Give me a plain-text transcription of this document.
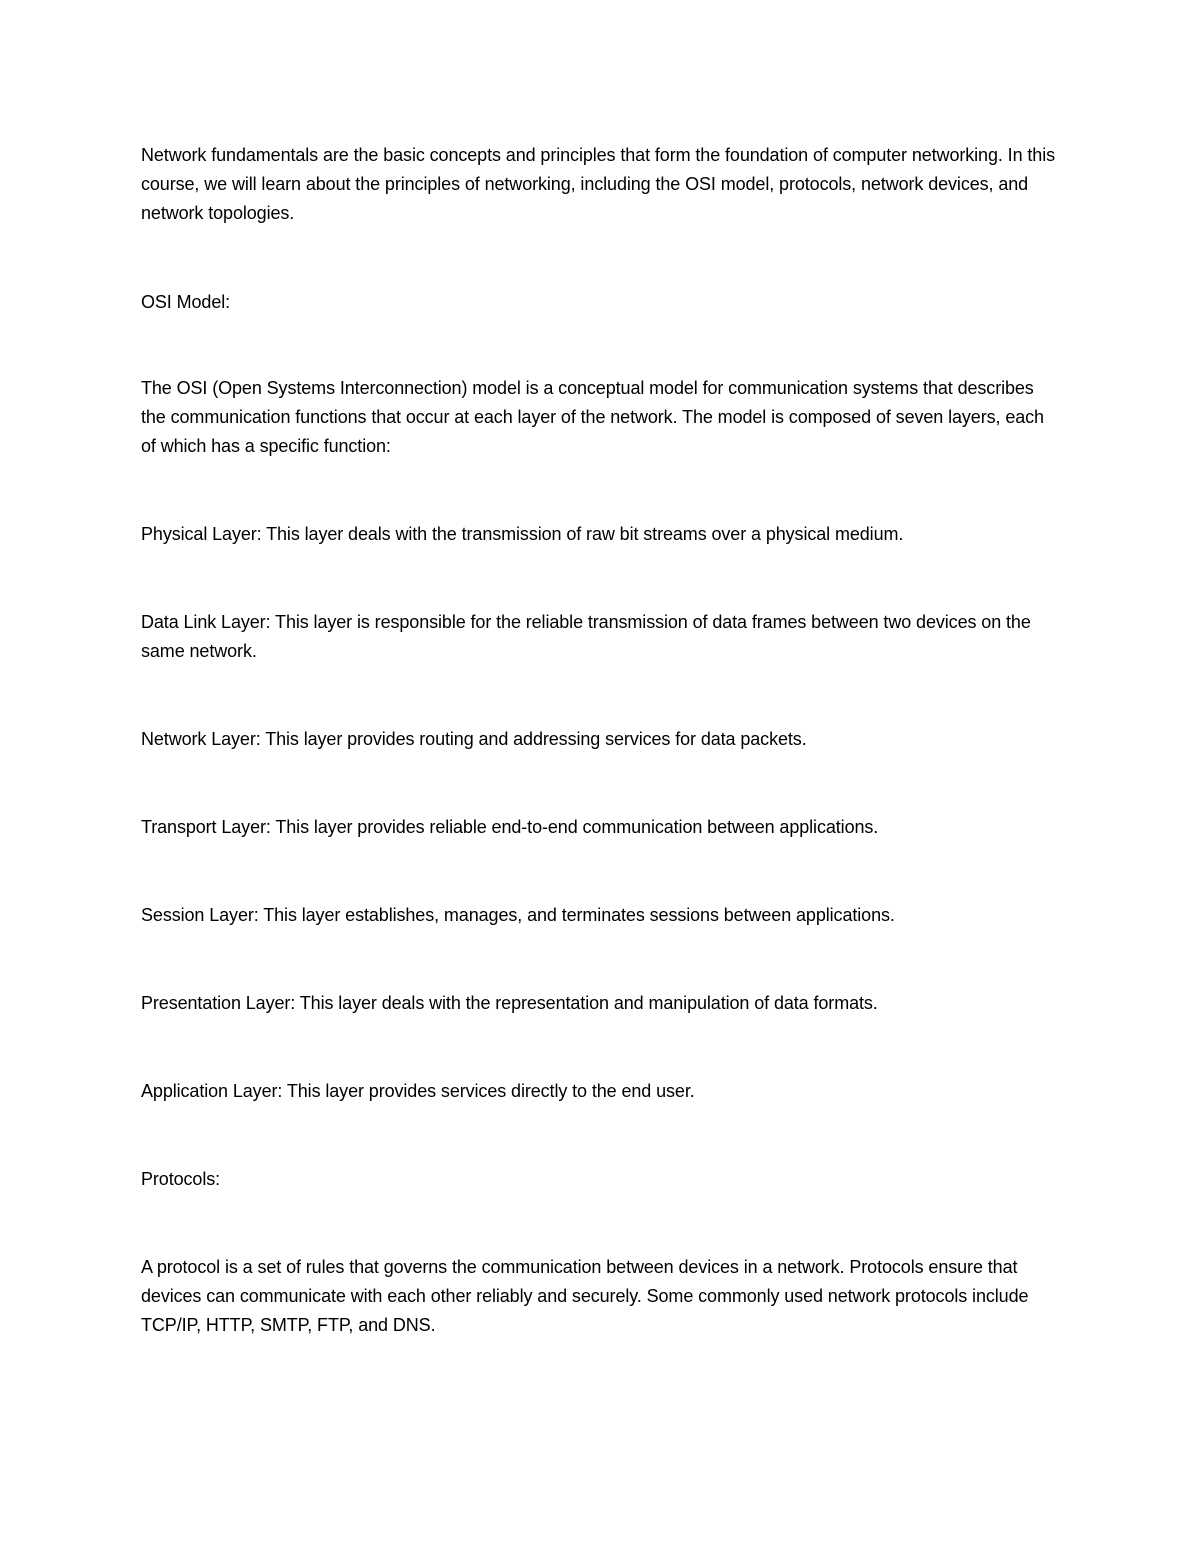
Network fundamentals are the basic concepts and principles that form the foundation of computer networking. In this course, we will learn about the principles of networking, including the OSI model, protocols, network devices, and network topologies.

OSI Model:

The OSI (Open Systems Interconnection) model is a conceptual model for communication systems that describes the communication functions that occur at each layer of the network. The model is composed of seven layers, each of which has a specific function:

Physical Layer: This layer deals with the transmission of raw bit streams over a physical medium.

Data Link Layer: This layer is responsible for the reliable transmission of data frames between two devices on the same network.

Network Layer: This layer provides routing and addressing services for data packets.

Transport Layer: This layer provides reliable end-to-end communication between applications.

Session Layer: This layer establishes, manages, and terminates sessions between applications.

Presentation Layer: This layer deals with the representation and manipulation of data formats.

Application Layer: This layer provides services directly to the end user.

Protocols:

A protocol is a set of rules that governs the communication between devices in a network. Protocols ensure that devices can communicate with each other reliably and securely. Some commonly used network protocols include TCP/IP, HTTP, SMTP, FTP, and DNS.
